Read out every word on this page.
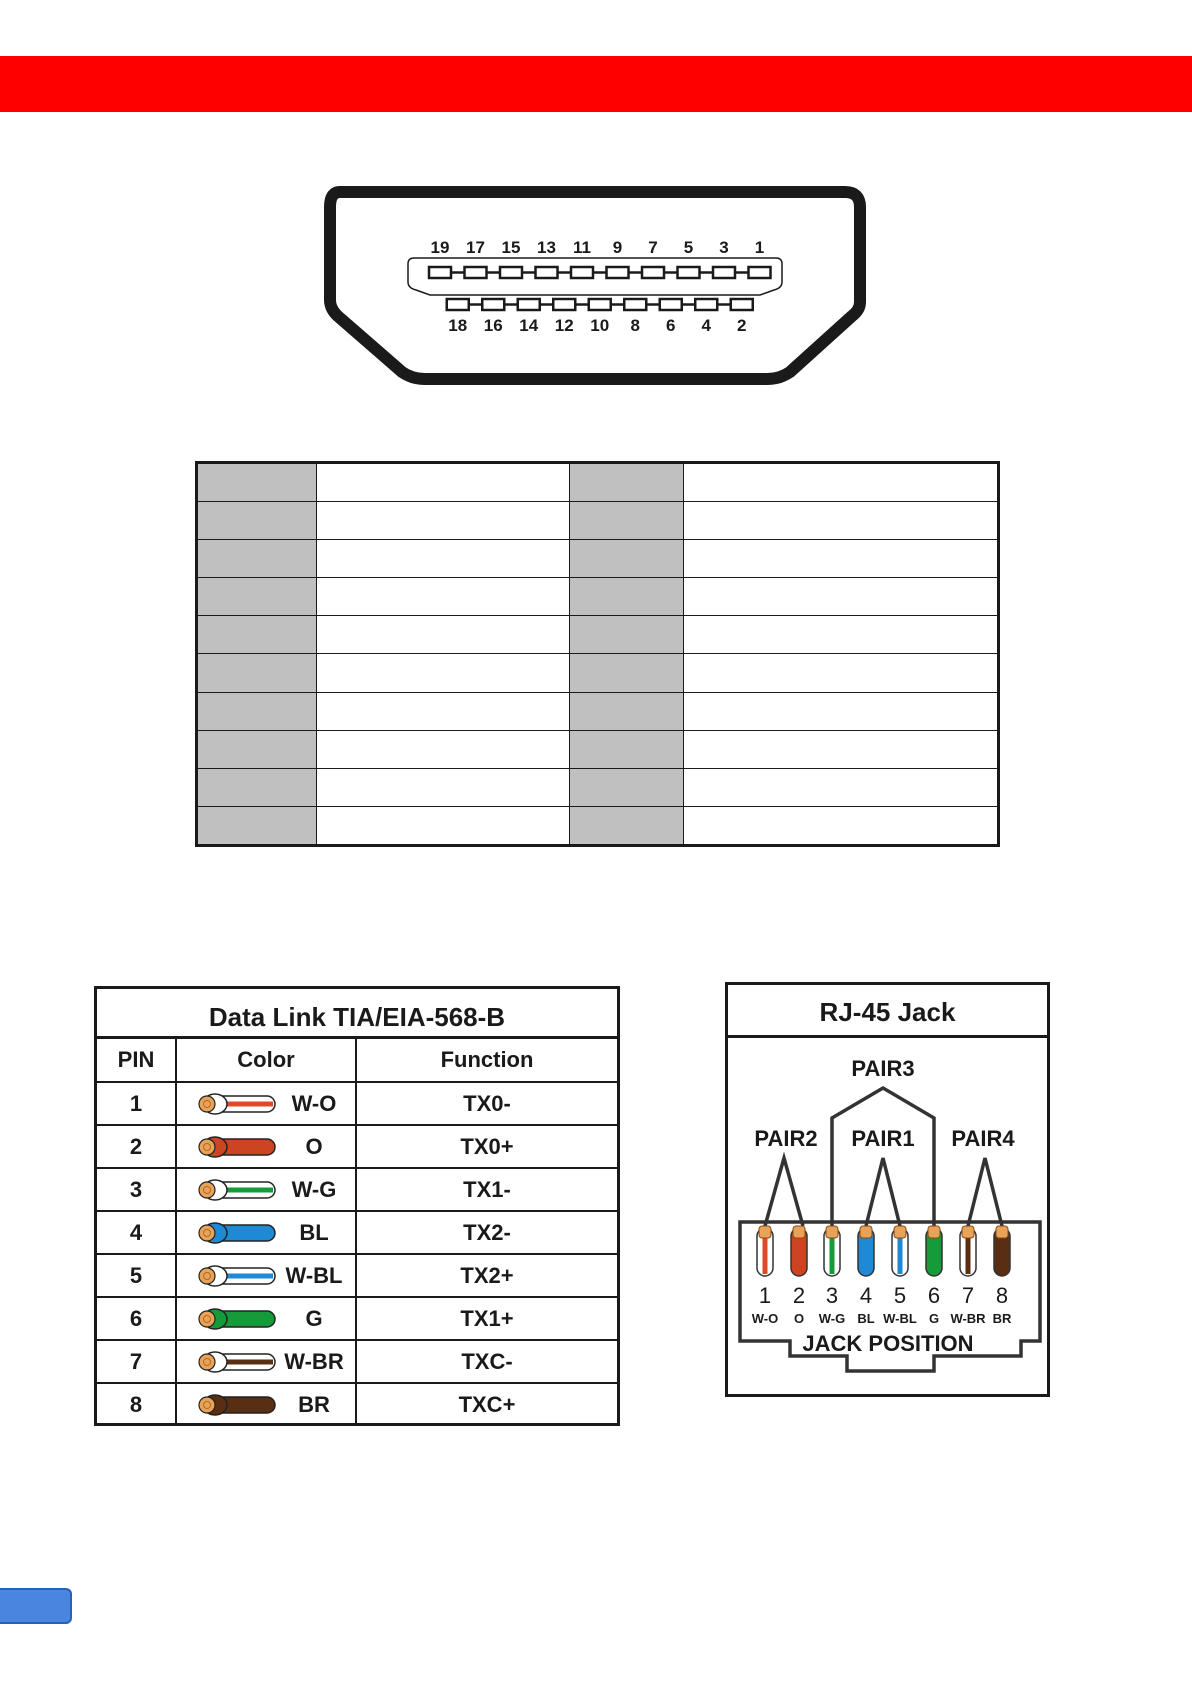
19 17 15 13 11 9 7 5 3 1
18 16 14 12 10 8 6 4 2

Data Link TIA/EIA-568-B
PIN	Color	Function
1	W-O	TX0-
2	O	TX0+
3	W-G	TX1-
4	BL	TX2-
5	W-BL	TX2+
6	G	TX1+
7	W-BR	TXC-
8	BR	TXC+
RJ-45 Jack
PAIR3
PAIR2 PAIR1 PAIR4
1
W-O
2
O
3
W-G
4
BL
5
W-BL
6
G
7
W-BR
8
BR
JACK POSITION
